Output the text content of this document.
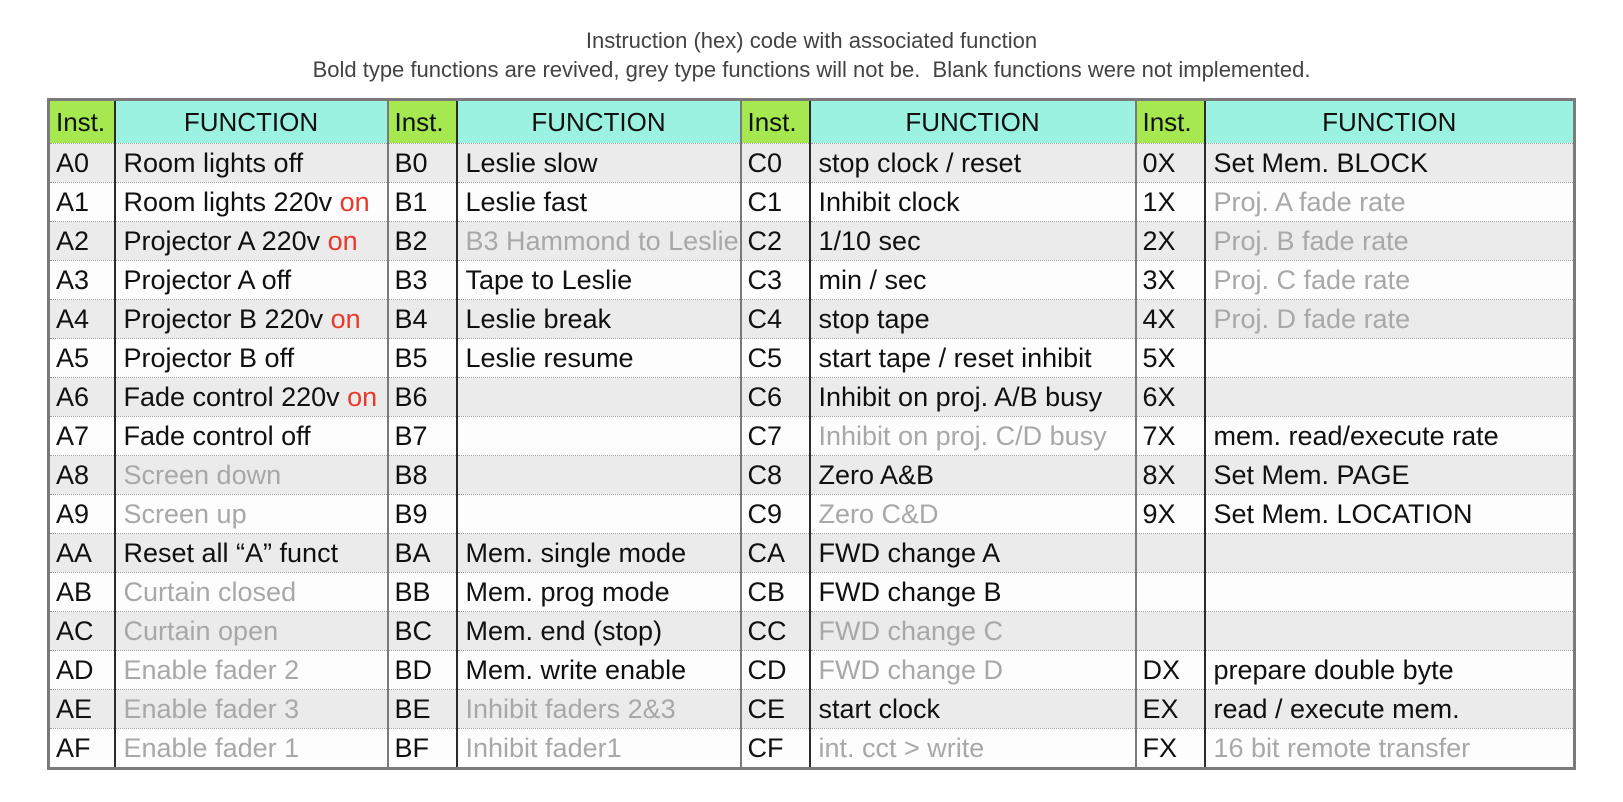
Instruction (hex) code with associated function
Bold type functions are revived, grey type functions will not be.  Blank functions were not implemented.
Inst.	FUNCTION	Inst.	FUNCTION	Inst.	FUNCTION	Inst.	FUNCTION
A0	Room lights off	B0	Leslie slow	C0	stop clock / reset	0X	Set Mem. BLOCK
A1	Room lights 220v on	B1	Leslie fast	C1	Inhibit clock	1X	Proj. A fade rate
A2	Projector A 220v on	B2	B3 Hammond to Leslie	C2	1/10 sec	2X	Proj. B fade rate
A3	Projector A off	B3	Tape to Leslie	C3	min / sec	3X	Proj. C fade rate
A4	Projector B 220v on	B4	Leslie break	C4	stop tape	4X	Proj. D fade rate
A5	Projector B off	B5	Leslie resume	C5	start tape / reset inhibit	5X	
A6	Fade control 220v on	B6		C6	Inhibit on proj. A/B busy	6X	
A7	Fade control off	B7		C7	Inhibit on proj. C/D busy	7X	mem. read/execute rate
A8	Screen down	B8		C8	Zero A&B	8X	Set Mem. PAGE
A9	Screen up	B9		C9	Zero C&D	9X	Set Mem. LOCATION
AA	Reset all “A” funct	BA	Mem. single mode	CA	FWD change A		
AB	Curtain closed	BB	Mem. prog mode	CB	FWD change B		
AC	Curtain open	BC	Mem. end (stop)	CC	FWD change C		
AD	Enable fader 2	BD	Mem. write enable	CD	FWD change D	DX	prepare double byte
AE	Enable fader 3	BE	Inhibit faders 2&3	CE	start clock	EX	read / execute mem.
AF	Enable fader 1	BF	Inhibit fader1	CF	int. cct > write	FX	16 bit remote transfer
